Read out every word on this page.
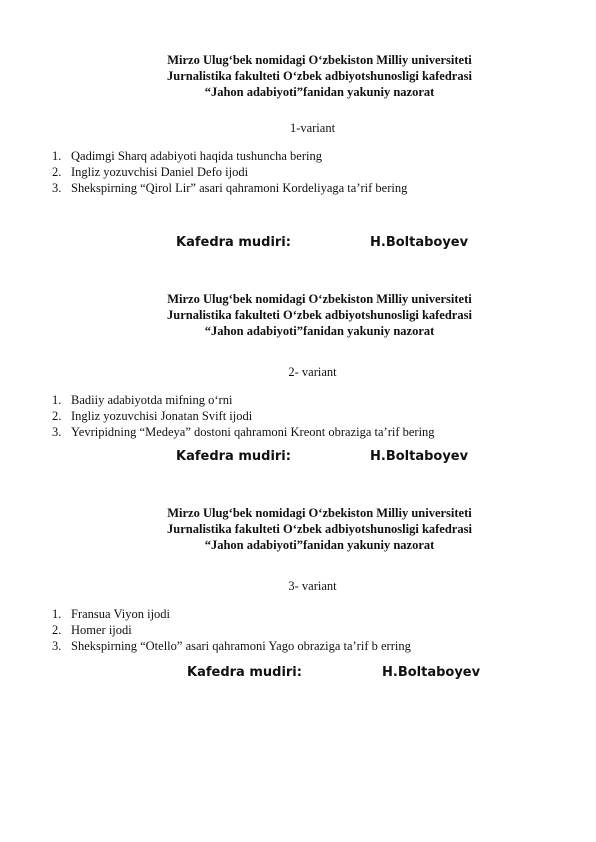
Mirzo Ulug‘bek nomidagi O‘zbekiston Milliy universiteti
Jurnalistika fakulteti O‘zbek adbiyotshunosligi kafedrasi
“Jahon adabiyoti”fanidan yakuniy nazorat
1-variant
1. Qadimgi Sharq adabiyoti haqida tushuncha bering
2. Ingliz yozuvchisi Daniel Defo ijodi
3. Shekspirning “Qirol Lir” asari qahramoni Kordeliyaga ta’rif bering
Kafedra mudiri:	H.Boltaboyev
Mirzo Ulug‘bek nomidagi O‘zbekiston Milliy universiteti
Jurnalistika fakulteti O‘zbek adbiyotshunosligi kafedrasi
“Jahon adabiyoti”fanidan yakuniy nazorat
2- variant
1. Badiiy adabiyotda mifning o‘rni
2. Ingliz yozuvchisi Jonatan Svift ijodi
3. Yevripidning “Medeya” dostoni qahramoni Kreont obraziga ta’rif bering
Kafedra mudiri:	H.Boltaboyev
Mirzo Ulug‘bek nomidagi O‘zbekiston Milliy universiteti
Jurnalistika fakulteti O‘zbek adbiyotshunosligi kafedrasi
“Jahon adabiyoti”fanidan yakuniy nazorat
3- variant
1. Fransua Viyon ijodi
2. Homer ijodi
3. Shekspirning “Otello” asari qahramoni Yago obraziga ta’rif b erring
Kafedra mudiri:	H.Boltaboyev
